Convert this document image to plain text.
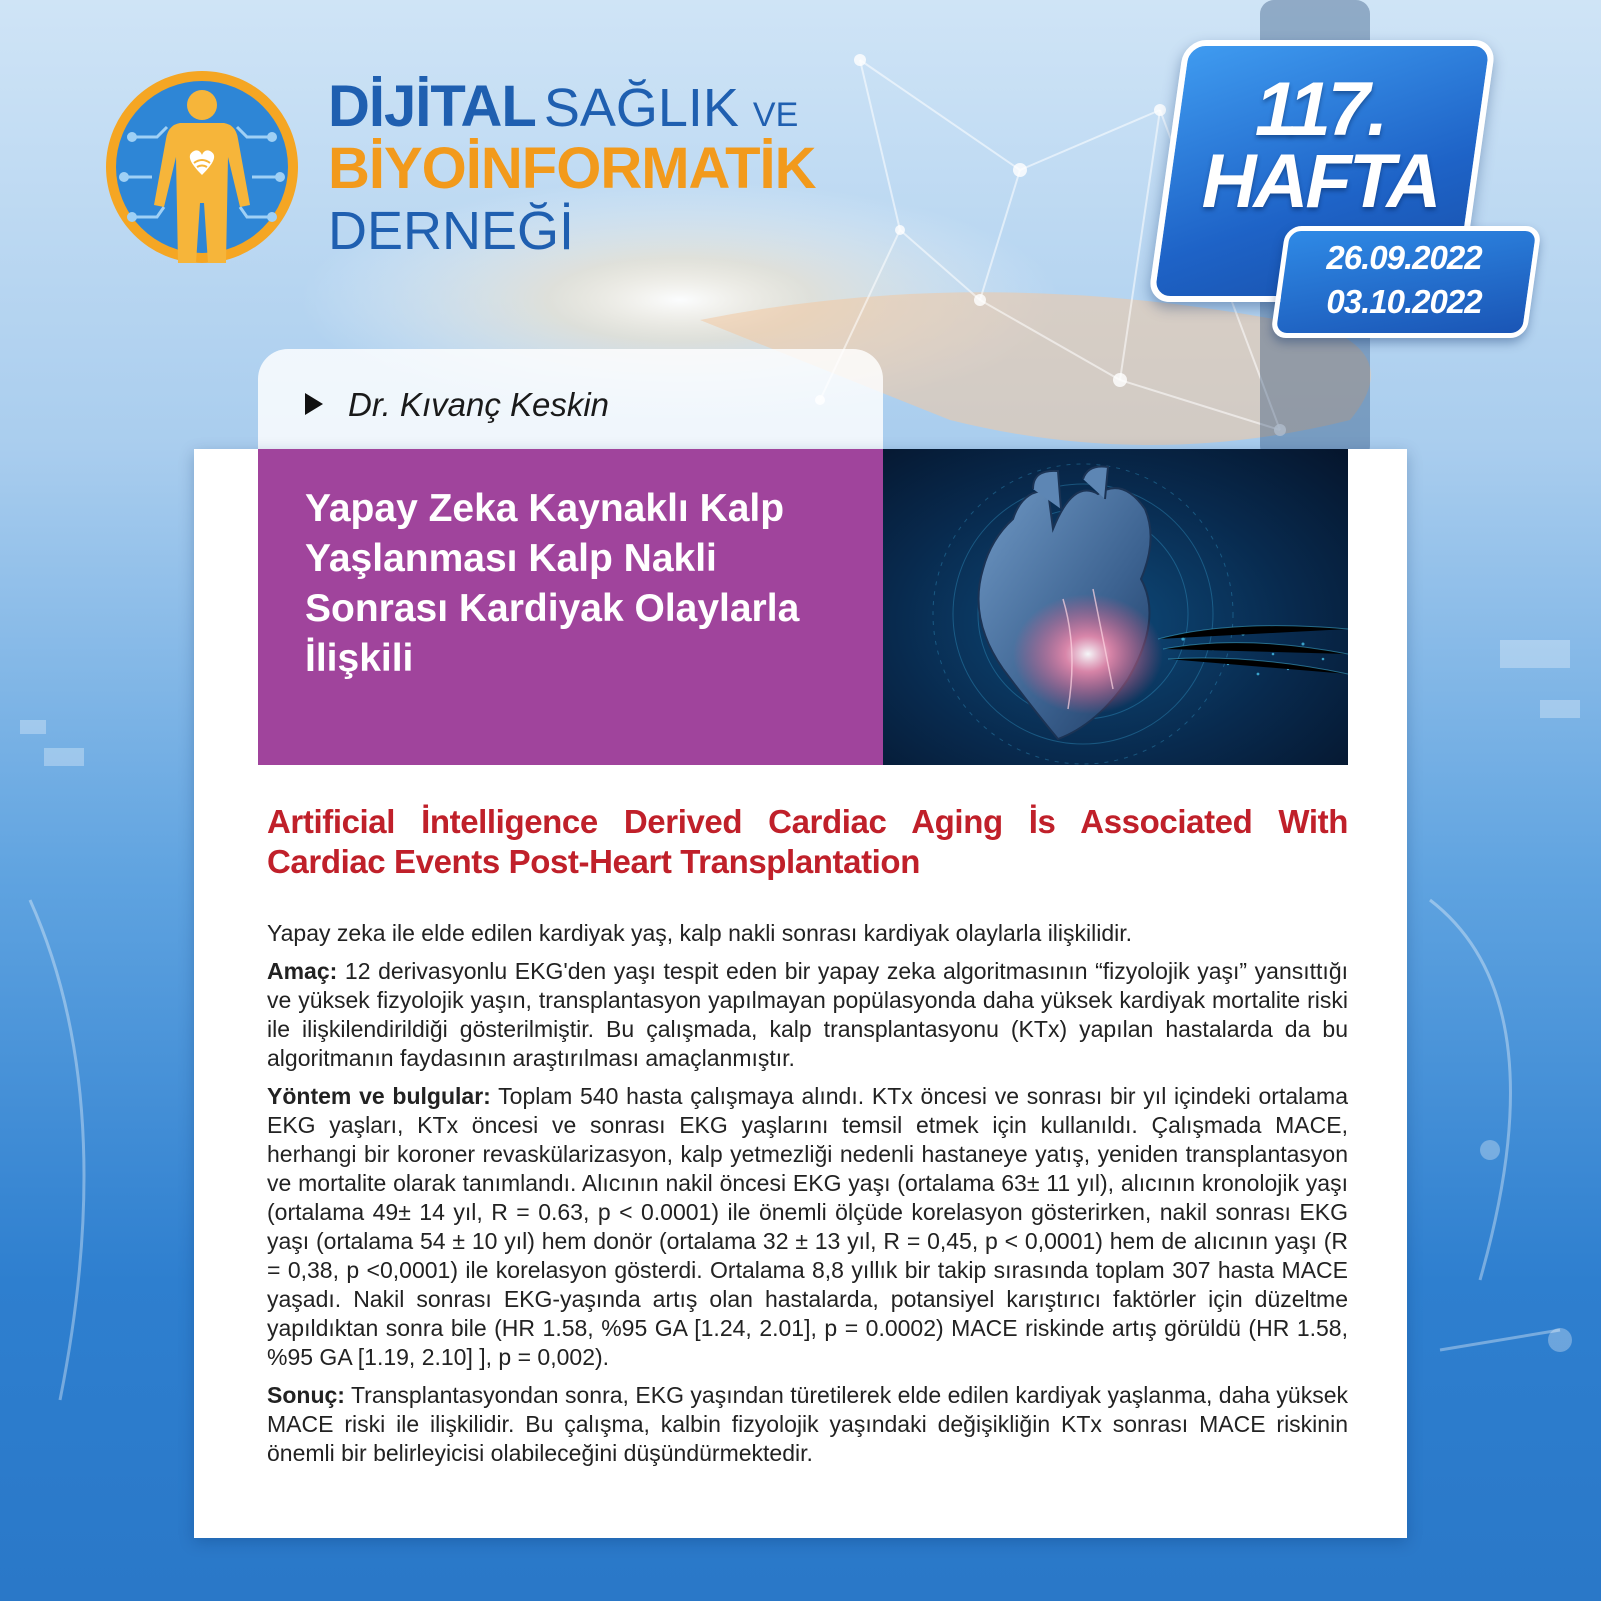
DİJİTAL SAĞLIK VE
BİYOİNFORMATİK
DERNEĞİ
117.
HAFTA
26.09.2022
03.10.2022
Dr. Kıvanç Keskin
Yapay Zeka Kaynaklı Kalp Yaşlanması Kalp Nakli Sonrası Kardiyak Olaylarla İlişkili
Artificial İntelligence Derived Cardiac Aging İs Associated With Cardiac Events Post-Heart Transplantation

Yapay zeka ile elde edilen kardiyak yaş, kalp nakli sonrası kardiyak olaylarla ilişkilidir.

Amaç: 12 derivasyonlu EKG'den yaşı tespit eden bir yapay zeka algoritmasının “fizyolojik yaşı” yansıttığı ve yüksek fizyolojik yaşın, transplantasyon yapılmayan popülasyonda daha yüksek kardiyak mortalite riski ile ilişkilendirildiği gösterilmiştir. Bu çalışmada, kalp transplantasyonu (KTx) yapılan hastalarda da bu algoritmanın faydasının araştırılması amaçlanmıştır.

Yöntem ve bulgular: Toplam 540 hasta çalışmaya alındı. KTx öncesi ve sonrası bir yıl içindeki ortalama EKG yaşları, KTx öncesi ve sonrası EKG yaşlarını temsil etmek için kullanıldı. Çalışmada MACE, herhangi bir koroner revaskülarizasyon, kalp yetmezliği nedenli hastaneye yatış, yeniden transplantasyon ve mortalite olarak tanımlandı. Alıcının nakil öncesi EKG yaşı (ortalama 63± 11 yıl), alıcının kronolojik yaşı (ortalama 49± 14 yıl, R = 0.63, p < 0.0001) ile önemli ölçüde korelasyon gösterirken, nakil sonrası EKG yaşı (ortalama 54 ± 10 yıl) hem donör (ortalama 32 ± 13 yıl, R = 0,45, p < 0,0001) hem de alıcının yaşı (R = 0,38, p <0,0001) ile korelasyon gösterdi. Ortalama 8,8 yıllık bir takip sırasında toplam 307 hasta MACE yaşadı. Nakil sonrası EKG-yaşında artış olan hastalarda, potansiyel karıştırıcı faktörler için düzeltme yapıldıktan sonra bile (HR 1.58, %95 GA [1.24, 2.01], p = 0.0002) MACE riskinde artış görüldü (HR 1.58, %95 GA [1.19, 2.10] ], p = 0,002).

Sonuç: Transplantasyondan sonra, EKG yaşından türetilerek elde edilen kardiyak yaşlanma, daha yüksek MACE riski ile ilişkilidir. Bu çalışma, kalbin fizyolojik yaşındaki değişikliğin KTx sonrası MACE riskinin önemli bir belirleyicisi olabileceğini düşündürmektedir.
